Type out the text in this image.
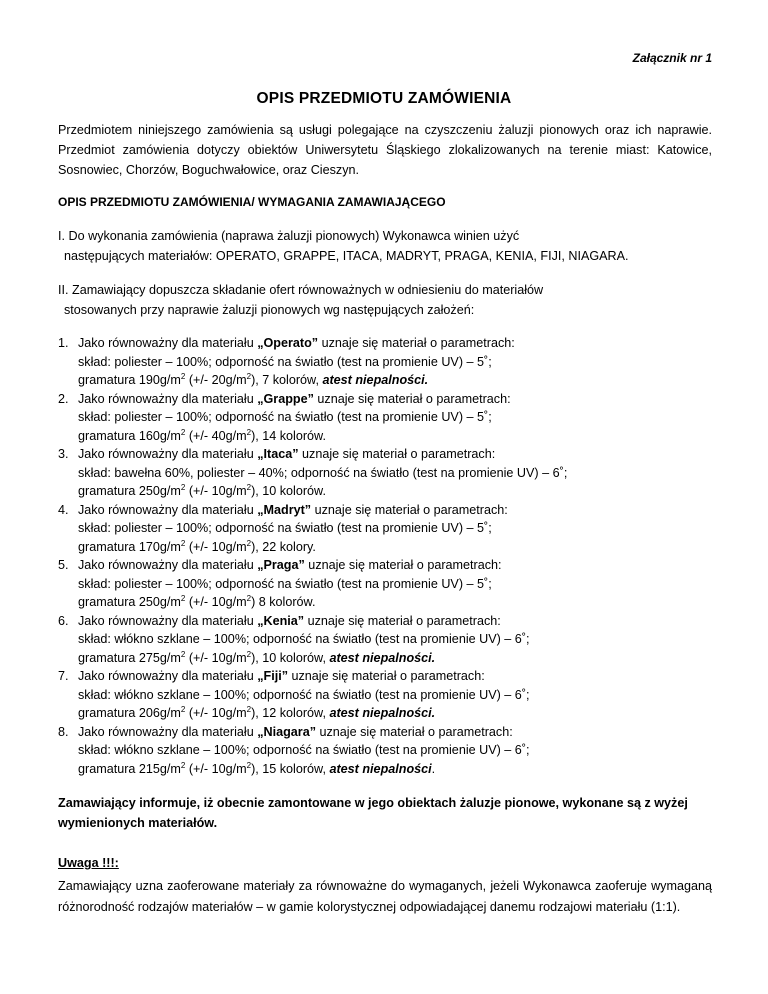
Załącznik nr 1
OPIS PRZEDMIOTU ZAMÓWIENIA
Przedmiotem niniejszego zamówienia są usługi polegające na czyszczeniu żaluzji pionowych oraz ich naprawie. Przedmiot zamówienia dotyczy obiektów Uniwersytetu Śląskiego zlokalizowanych na terenie miast: Katowice, Sosnowiec, Chorzów, Boguchwałowice, oraz Cieszyn.
OPIS PRZEDMIOTU ZAMÓWIENIA/ WYMAGANIA ZAMAWIAJĄCEGO
I. Do wykonania zamówienia (naprawa żaluzji pionowych) Wykonawca winien użyć
następujących materiałów: OPERATO, GRAPPE, ITACA, MADRYT, PRAGA, KENIA, FIJI, NIAGARA.
II. Zamawiający dopuszcza składanie ofert równoważnych w odniesieniu do materiałów
stosowanych przy naprawie żaluzji pionowych wg następujących założeń:
1. Jako równoważny dla materiału „Operato” uznaje się materiał o parametrach:
skład: poliester – 100%; odporność na światło (test na promienie UV) – 5˚;
gramatura $190g/m^2$ (+/- $20g/m^2$), 7 kolorów, atest niepalności.
2. Jako równoważny dla materiału „Grappe” uznaje się materiał o parametrach:
skład: poliester – 100%; odporność na światło (test na promienie UV) – 5˚;
gramatura $160g/m^2$ (+/- $40g/m^2$), 14 kolorów.
3. Jako równoważny dla materiału „Itaca” uznaje się materiał o parametrach:
skład: bawełna 60%, poliester – 40%; odporność na światło (test na promienie UV) – 6˚;
gramatura $250g/m^2$ (+/- $10g/m^2$), 10 kolorów.
4. Jako równoważny dla materiału „Madryt” uznaje się materiał o parametrach:
skład: poliester – 100%; odporność na światło (test na promienie UV) – 5˚;
gramatura $170g/m^2$ (+/- $10g/m^2$), 22 kolory.
5. Jako równoważny dla materiału „Praga” uznaje się materiał o parametrach:
skład: poliester – 100%; odporność na światło (test na promienie UV) – 5˚;
gramatura $250g/m^2$ (+/- $10g/m^2$) 8 kolorów.
6. Jako równoważny dla materiału „Kenia” uznaje się materiał o parametrach:
skład: włókno szklane – 100%; odporność na światło (test na promienie UV) – 6˚;
gramatura $275g/m^2$ (+/- $10g/m^2$), 10 kolorów, atest niepalności.
7. Jako równoważny dla materiału „Fiji” uznaje się materiał o parametrach:
skład: włókno szklane – 100%; odporność na światło (test na promienie UV) – 6˚;
gramatura $206g/m^2$ (+/- $10g/m^2$), 12 kolorów, atest niepalności.
8. Jako równoważny dla materiału „Niagara” uznaje się materiał o parametrach:
skład: włókno szklane – 100%; odporność na światło (test na promienie UV) – 6˚;
gramatura $215g/m^2$ (+/- $10g/m^2$), 15 kolorów, atest niepalności.
Zamawiający informuje, iż obecnie zamontowane w jego obiektach żaluzje pionowe, wykonane są z wyżej wymienionych materiałów.
Uwaga !!!:
Zamawiający uzna zaoferowane materiały za równoważne do wymaganych, jeżeli Wykonawca zaoferuje wymaganą różnorodność rodzajów materiałów – w gamie kolorystycznej odpowiadającej danemu rodzajowi materiału (1:1).
